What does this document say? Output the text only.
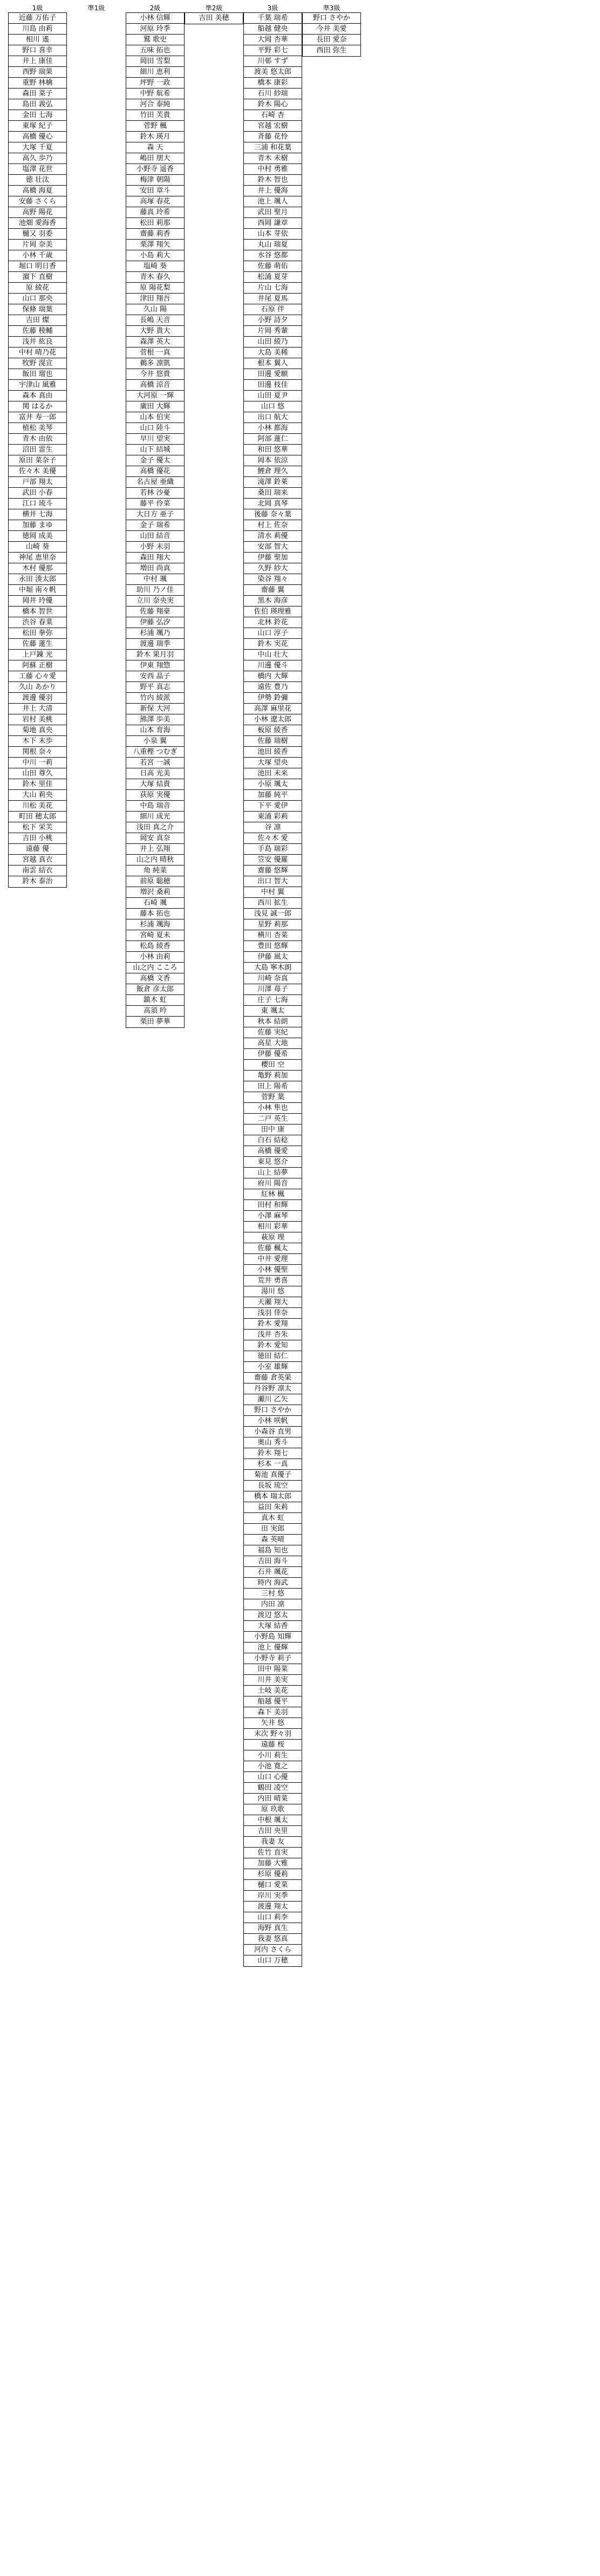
1級
近藤 万佑子
川島 由莉
相川 遙
野口 喜幸
井上 康佳
西野 瑞果
重野 林檎
森田 菜子
島田 義弘
金田 七海
東塚 紀子
高橋 優心
大塚 千夏
高久 歩乃
塩澤 花世
徳 壮汰
高橋 海夏
安藤 さくら
高野 陽花
池畑 愛海香
樋又 羽委
片岡 奈美
小林 千歳
堀口 明日香
濵下 直樹
原 綾花
山口 那央
保條 瑞葉
吉田 燦
佐藤 稜輔
浅井 紘良
中村 晴乃花
牧野 滉宣
飯田 瑠也
宇津山 風雅
森本 真由
関 はるか
富井 寿一郎
植松 美琴
青木 由依
沼田 雷生
原田 菜奈子
佐々木 美優
戸部 翔太
武田 小春
江口 琉斗
横井 七海
加藤 まゆ
徳岡 成美
山崎 葵
神尾 恵里奈
木村 優那
永田 湊太郎
中堀 南々帆
岡井 玲優
橋本 智世
渋谷 春菜
松田 拳弥
佐藤 蓮生
上戸錬 光
阿蘇 正樹
工藤 心々愛
久山 あかり
渡邊 優羽
井上 大清
岩村 美桃
菊地 真央
木下 末歩
関根 奈々
中川 一莉
山田 尊久
鈴木 里佳
大山 莉央
川松 美花
町田 穂太郎
松下 栄芙
吉田 小桃
遠藤 優
宮越 真衣
南雲 結衣
鈴木 泰治
準1級	2級
小林 信輝
河原 玲季
鷲 歌史
五味 拓也
岡田 雪梨
細川 恵利
坪野 一政
中野 航希
河合 泰純
竹田 芙貴
菅野 楓
鈴木 瑛月
森 天
嶋田 朋大
小野寺 遥香
梅津 朝陽
安田 章斗
高塚 春花
藤真 玲希
松田 莉那
齋藤 莉香
栗澤 翔矢
小島 莉大
塩崎 葵
青木 春久
原 陽花梨
津田 翔吾
久山 陽
長嶋 天音
大野 貴大
森澤 英大
菅根 一真
鵜多 凛凱
今井 悠貴
高橋 涼音
大河原 一輝
廣田 大輝
山本 伯実
山口 陸斗
早川 望実
山下 結城
金子 優太
高橋 優花
名古屋 亜織
若林 沙憂
藤平 伶菜
大日方 亜子
金子 瑞希
山田 結音
小野 未羽
森田 翔大
増田 尚真
中村 颯
助川 乃ノ佳
立川 奈央実
佐藤 翔豪
伊藤 弘汐
杉浦 颯乃
渡邊 瑞季
鈴木 果月羽
伊東 翔惣
安西 晶子
野平 真志
竹内 綾派
新保 大河
熊澤 歩美
山本 育海
小泉 翼
八重樫 つむぎ
若宮 一誠
日高 光美
大塚 結貴
荻原 実優
中島 瑞音
細川 成光
浅田 真之介
岡安 真奈
井上 弘翔
山之内 晴秋
角 純菜
前原 聡穂
増沢 桑莉
石崎 颯
藤本 拓也
杉浦 颯海
宮崎 夏未
松島 綾香
小林 由莉
山之内 こころ
高橋 文香
飯倉 彦太郎
鎮木 虹
高須 吟
栗田 夢華
準2級
吉田 美穂
3級
千葉 瑞希
船越 健央
大岡 杏華
平野 彩七
川邨 すず
渡美 悠太郎
橋本 康彩
石川 紗瑞
鈴木 陽心
石崎 杏
宮越 宏樹
斉藤 花怜
三浦 和花葉
青木 未樹
中村 勇雅
鈴木 智也
井上 優海
池上 颯人
武田 聖月
西岡 謙章
山本 芽依
丸山 瑞夏
水谷 悠都
佐藤 萌佑
松浦 夏芽
片山 七海
井尾 夏馬
石原 伴
小野 詩夕
片岡 秀輩
山田 綾乃
大島 美稀
根本 翼人
田邊 愛願
田邊 枝佳
山田 夏尹
山口 悠
出口 航大
小林 都海
阿部 蓮仁
和田 悠華
岡本 依涼
鯉倉 理久
滝澤 鈴萊
桑田 瑞来
北岡 真琴
後藤 奈々葉
村上 佐奈
清水 莉優
安部 智大
伊藤 聖加
久野 紗大
染谷 翔々
齋藤 翼
黒木 海彦
佐伯 瑛理雅
北林 鈴花
山口 淳子
鈴木 実花
中山 壮大
川邊 優斗
橋内 大輝
遠佐 豊乃
伊勢 鈴彌
高澤 麻里花
小林 遼太郎
板原 綾香
佐藤 瑞樹
池田 綾香
大塚 望央
池田 未来
小原 颯太
加藤 純平
下平 愛伊
東浦 彩莉
谷 凛
佐々木 愛
手島 瑞彩
笠安 優羅
齋藤 悠輝
出口 智大
中村 翼
西川 拡生
浅見 誠一郎
星野 莉那
横川 杏菜
豊田 悠輝
伊藤 風太
大島 寧木朗
川崎 奈真
川澤 苺子
庄子 七海
東 颯太
秋本 結朗
佐藤 実紀
高星 大地
伊藤 優希
櫻田 空
亀野 莉加
田上 陽希
菅野 葉
小林 隼也
二戸 英生
田中 康
白石 結稔
高橋 優愛
東見 悠介
山上 結夢
府川 陽音
紅林 楓
田村 和輝
小澤 麻琴
相川 彩華
萩原 理
佐藤 楓太
中井 愛理
小林 優聖
荒井 勇喜
湯川 悠
天瀬 翔大
浅羽 倖奈
鈴木 愛翔
浅井 杏朱
鈴木 愛知
徳田 結仁
小室 雄輝
齋藤 倉英果
丹谷野 凛太
瀬川 乙矢
野口 さやか
小林 咲帆
小森谷 直男
奥山 秀斗
鈴木 翔七
杉本 一真
菊池 真優子
長坂 琉空
橋本 瑞太郎
益田 朱莉
真木 虹
田 実郎
森 英晴
福島 知也
吉田 海斗
石井 颯花
時内 海武
三村 悠
内田 凛
渡辺 悠太
大塚 結香
小野島 知輝
池上 優輝
小野寺 莉子
田中 陽菜
川井 美実
土岐 美花
船越 優平
森下 美羽
矢井 悠
末次 野々羽
遠藤 桜
小川 莉生
小池 寛之
山口 心優
鶴田 凌空
内田 晴菜
原 玖歌
中根 颯太
吉田 央里
我妻 友
佐竹 直実
加藤 大雅
杉原 優莉
樋口 愛菜
岸川 実季
渡邊 翔太
山口 莉李
海野 真生
我妻 悠真
河内 さくら
山口 万穂
準3級
野口 さやか
今井 美愛
長田 愛奈
西田 弥生
